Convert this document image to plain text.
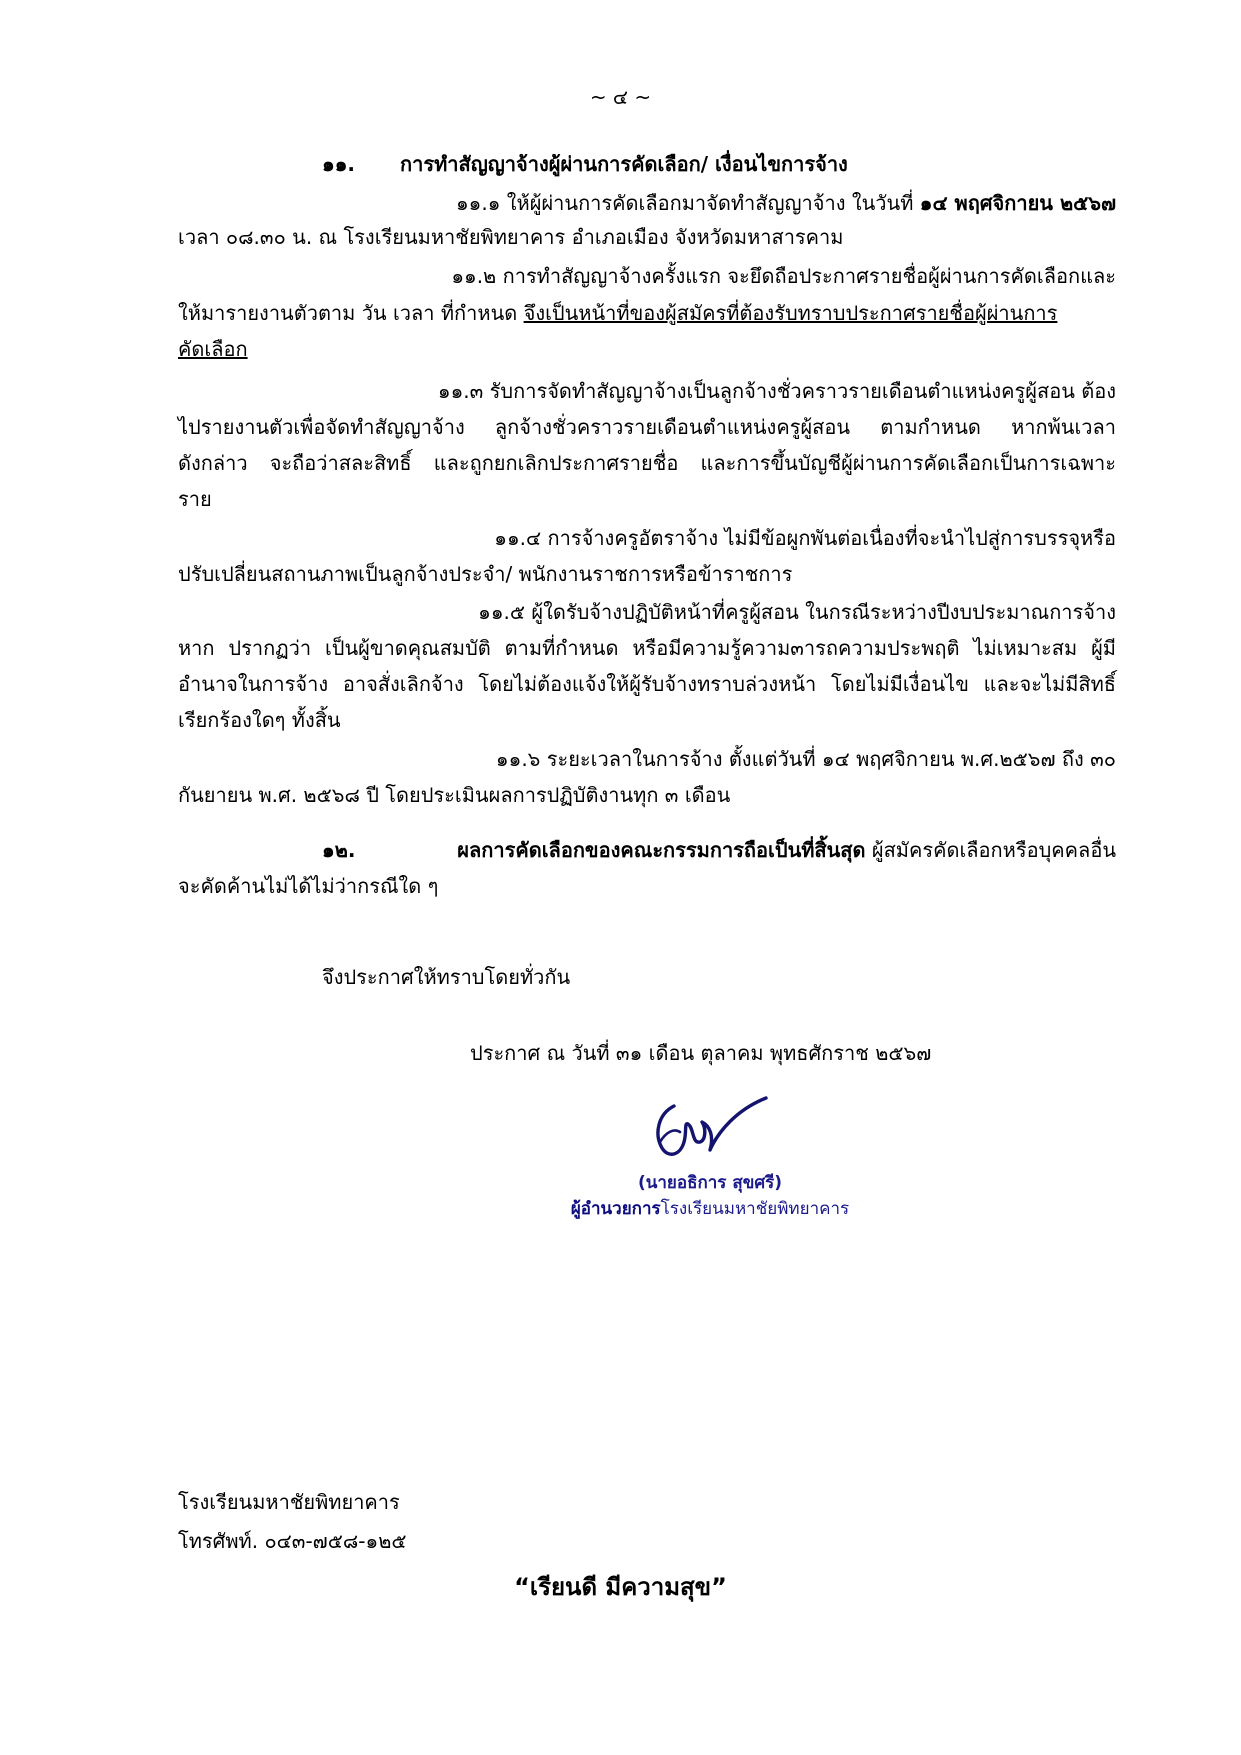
~ ๔ ~
๑๑. การทำสัญญาจ้างผู้ผ่านการคัดเลือก/ เงื่อนไขการจ้าง
๑๑.๑ ให้ผู้ผ่านการคัดเลือกมาจัดทำสัญญาจ้าง ในวันที่ ๑๔ พฤศจิกายน ๒๕๖๗
เวลา ๐๘.๓๐ น. ณ โรงเรียนมหาชัยพิทยาคาร อำเภอเมือง จังหวัดมหาสารคาม
๑๑.๒ การทำสัญญาจ้างครั้งแรก จะยึดถือประกาศรายชื่อผู้ผ่านการคัดเลือกและ
ให้มารายงานตัวตาม วัน เวลา ที่กำหนด จึงเป็นหน้าที่ของผู้สมัครที่ต้องรับทราบประกาศรายชื่อผู้ผ่านการ
คัดเลือก
๑๑.๓ รับการจัดทำสัญญาจ้างเป็นลูกจ้างชั่วคราวรายเดือนตำแหน่งครูผู้สอน ต้อง
ไปรายงานตัวเพื่อจัดทำสัญญาจ้าง ลูกจ้างชั่วคราวรายเดือนตำแหน่งครูผู้สอน ตามกำหนด หากพ้นเวลา
ดังกล่าว จะถือว่าสละสิทธิ์ และถูกยกเลิกประกาศรายชื่อ และการขึ้นบัญชีผู้ผ่านการคัดเลือกเป็นการเฉพาะ
ราย
๑๑.๔ การจ้างครูอัตราจ้าง ไม่มีข้อผูกพันต่อเนื่องที่จะนำไปสู่การบรรจุหรือ
ปรับเปลี่ยนสถานภาพเป็นลูกจ้างประจำ/ พนักงานราชการหรือข้าราชการ
๑๑.๕ ผู้ใดรับจ้างปฏิบัติหน้าที่ครูผู้สอน ในกรณีระหว่างปีงบประมาณการจ้าง
หาก ปรากฏว่า เป็นผู้ขาดคุณสมบัติ ตามที่กำหนด หรือมีความรู้ความ๓ารถความประพฤติ ไม่เหมาะสม ผู้มี
อำนาจในการจ้าง อาจสั่งเลิกจ้าง โดยไม่ต้องแจ้งให้ผู้รับจ้างทราบล่วงหน้า โดยไม่มีเงื่อนไข และจะไม่มีสิทธิ์
เรียกร้องใดๆ ทั้งสิ้น
๑๑.๖ ระยะเวลาในการจ้าง ตั้งแต่วันที่ ๑๔ พฤศจิกายน พ.ศ.๒๕๖๗ ถึง ๓๐
กันยายน พ.ศ. ๒๕๖๘ ปี โดยประเมินผลการปฏิบัติงานทุก ๓ เดือน
๑๒.	ผลการคัดเลือกของคณะกรรมการถือเป็นที่สิ้นสุด ผู้สมัครคัดเลือกหรือบุคคลอื่น
จะคัดค้านไม่ได้ไม่ว่ากรณีใด ๆ
จึงประกาศให้ทราบโดยทั่วกัน
ประกาศ ณ วันที่ ๓๑ เดือน ตุลาคม พุทธศักราช ๒๕๖๗
(นายอธิการ สุขศรี)
ผู้อำนวยการโรงเรียนมหาชัยพิทยาคาร
โรงเรียนมหาชัยพิทยาคาร
โทรศัพท์. ๐๔๓-๗๕๘-๑๒๕
“เรียนดี มีความสุข”
